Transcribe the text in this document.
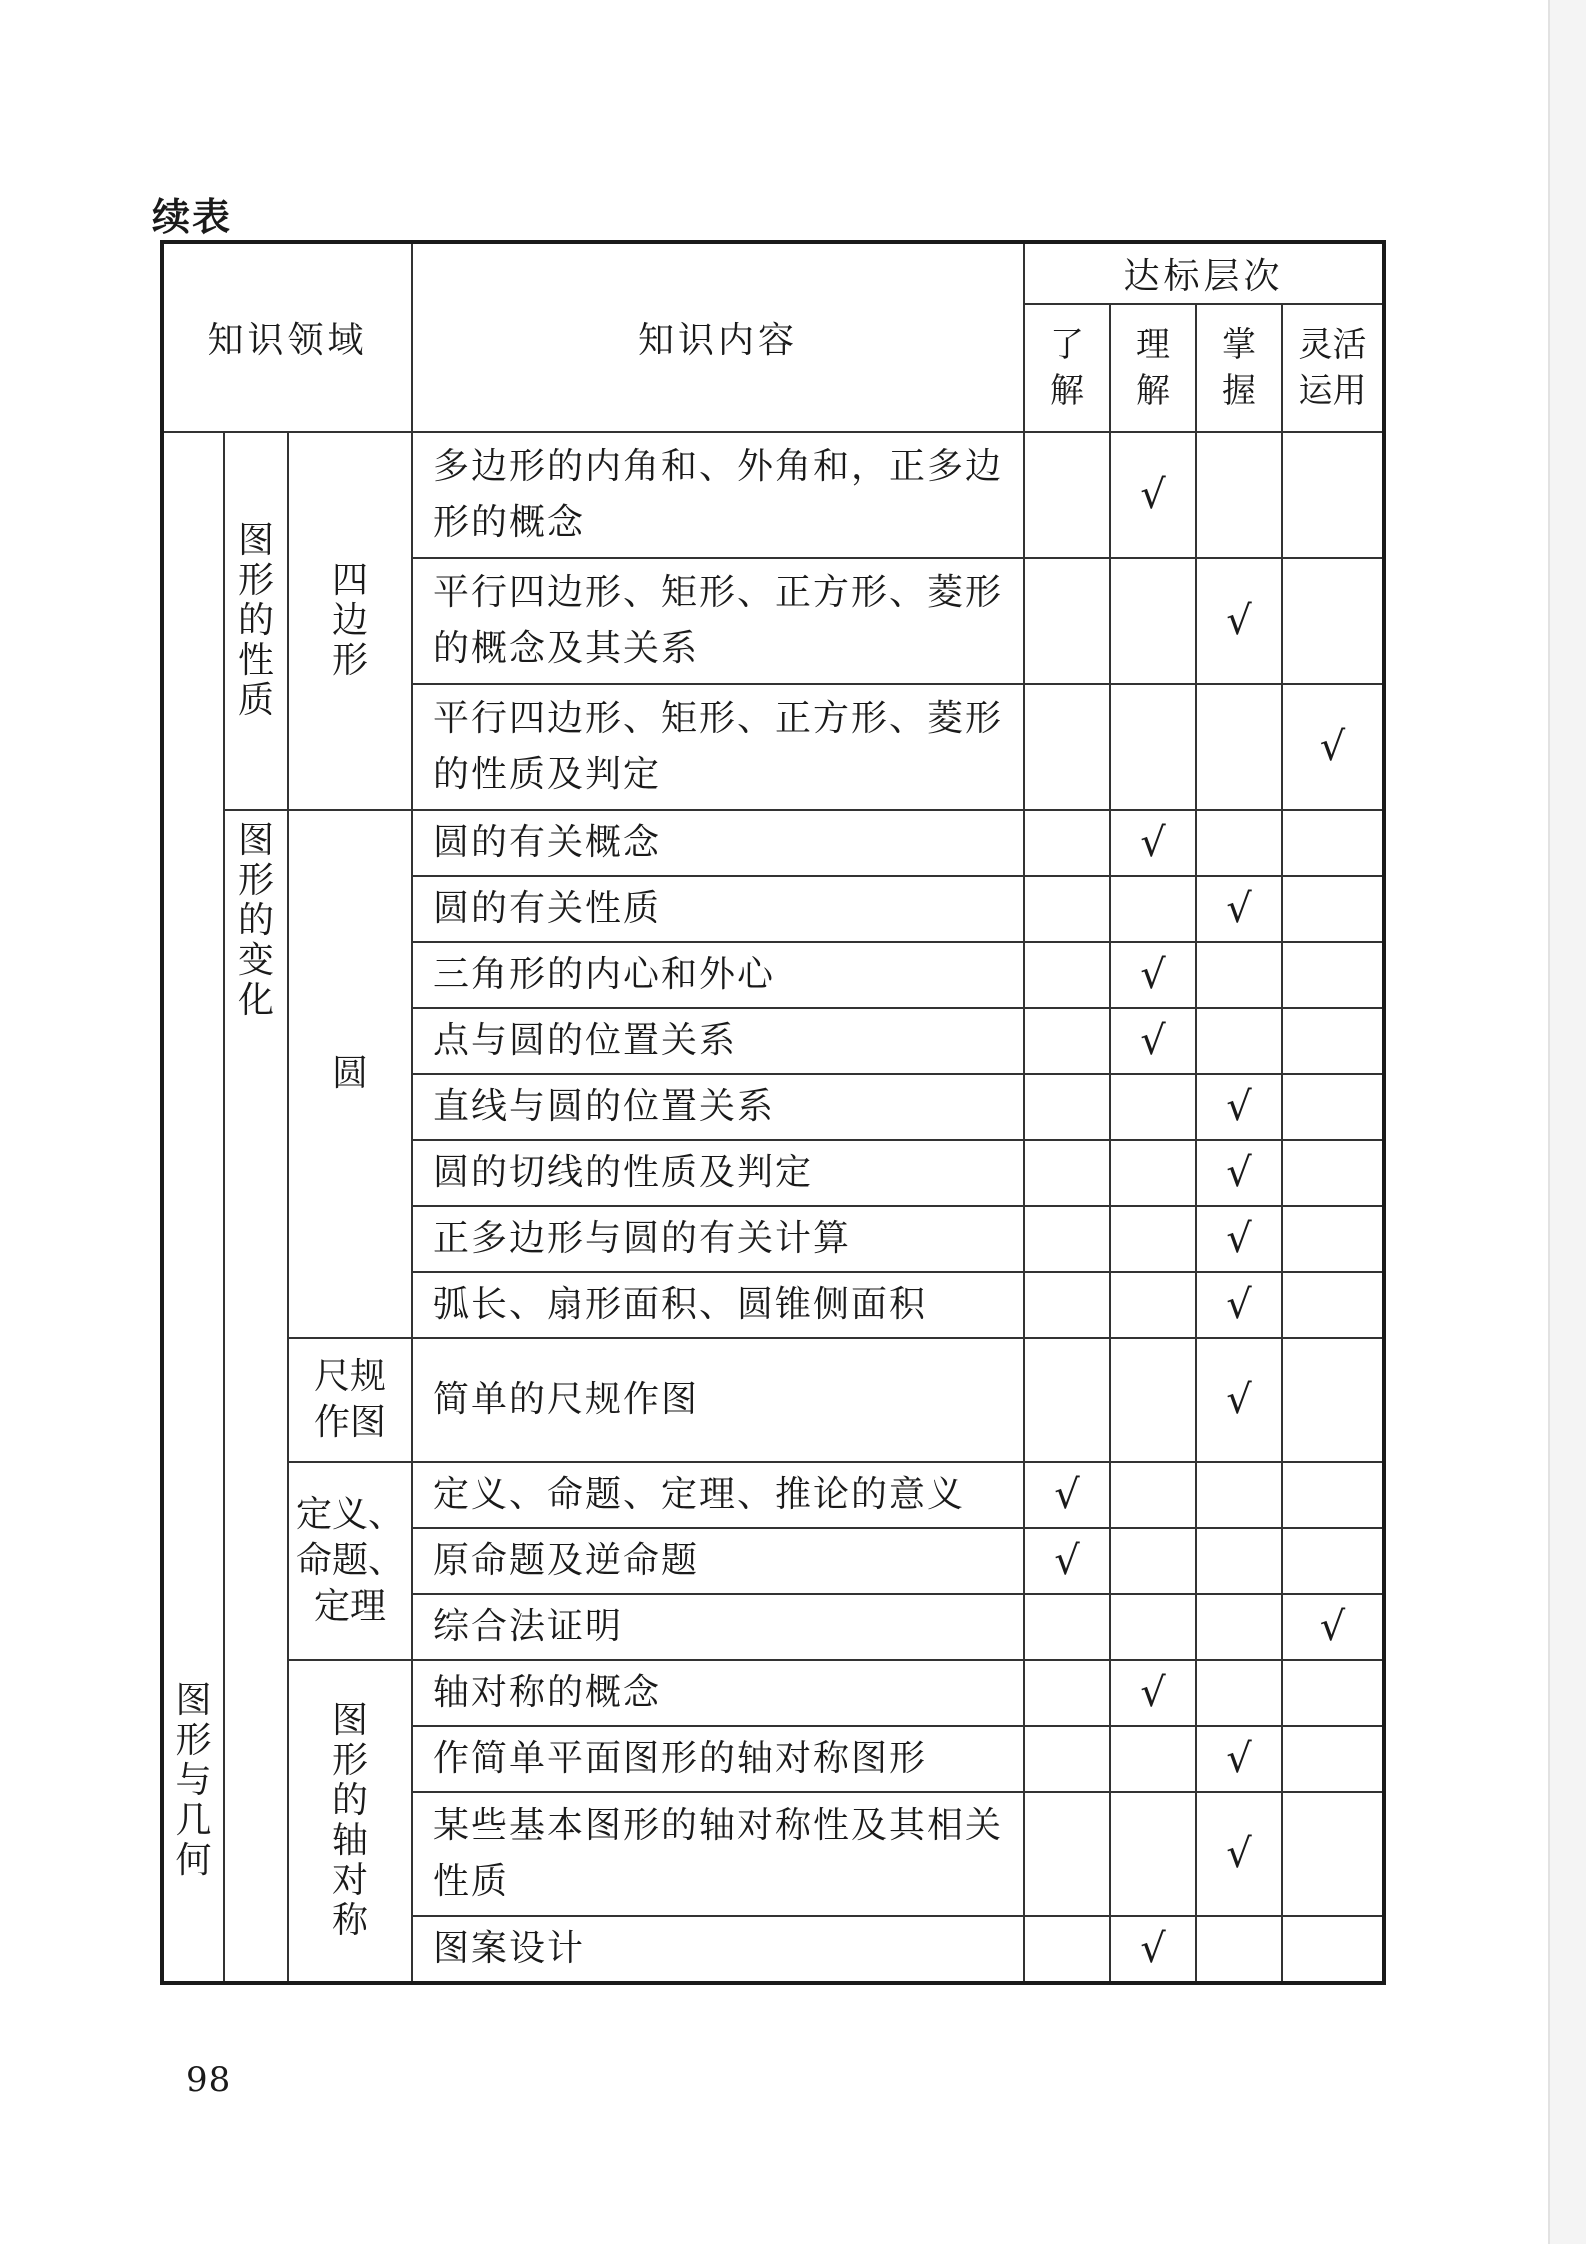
续表
知识领域			知识内容	达标层次			
				了解	理解	掌握	灵活运用
图形与几何	图形的性质	四边形	多边形的内角和、外角和，正多边形的概念		√		
			平行四边形、矩形、正方形、菱形的概念及其关系			√	
			平行四边形、矩形、正方形、菱形的性质及判定				√
	图形的变化	圆	圆的有关概念		√		
			圆的有关性质			√	
			三角形的内心和外心		√		
			点与圆的位置关系		√		
			直线与圆的位置关系			√	
			圆的切线的性质及判定			√	
			正多边形与圆的有关计算			√	
			弧长、扇形面积、圆锥侧面积			√	
		尺规作图	简单的尺规作图			√	
		定义、命题、定理	定义、命题、定理、推论的意义	√			
			原命题及逆命题	√			
			综合法证明				√
		图形的轴对称	轴对称的概念		√		
			作简单平面图形的轴对称图形			√	
			某些基本图形的轴对称性及其相关性质			√	
			图案设计		√		
98
